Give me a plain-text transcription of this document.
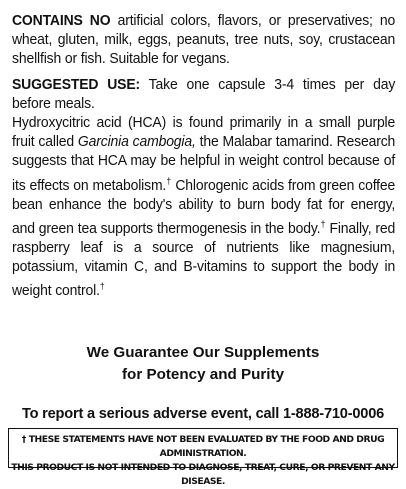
CONTAINS NO artificial colors, flavors, or preservatives; no wheat, gluten, milk, eggs, peanuts, tree nuts, soy, crustacean shellfish or fish. Suitable for vegans.

SUGGESTED USE: Take one capsule 3-4 times per day before meals.

Hydroxycitric acid (HCA) is found primarily in a small purple fruit called Garcinia cambogia, the Malabar tamarind. Research suggests that HCA may be helpful in weight control because of its effects on metabolism.† Chlorogenic acids from green coffee bean enhance the body's ability to burn body fat for energy, and green tea supports thermogenesis in the body.† Finally, red raspberry leaf is a source of nutrients like magnesium, potassium, vitamin C, and B-vitamins to support the body in weight control.†

We Guarantee Our Supplements
for Potency and Purity
To report a serious adverse event, call 1-888-710-0006
† THESE STATEMENTS HAVE NOT BEEN EVALUATED BY THE FOOD AND DRUG ADMINISTRATION.
THIS PRODUCT IS NOT INTENDED TO DIAGNOSE, TREAT, CURE, OR PREVENT ANY DISEASE.
